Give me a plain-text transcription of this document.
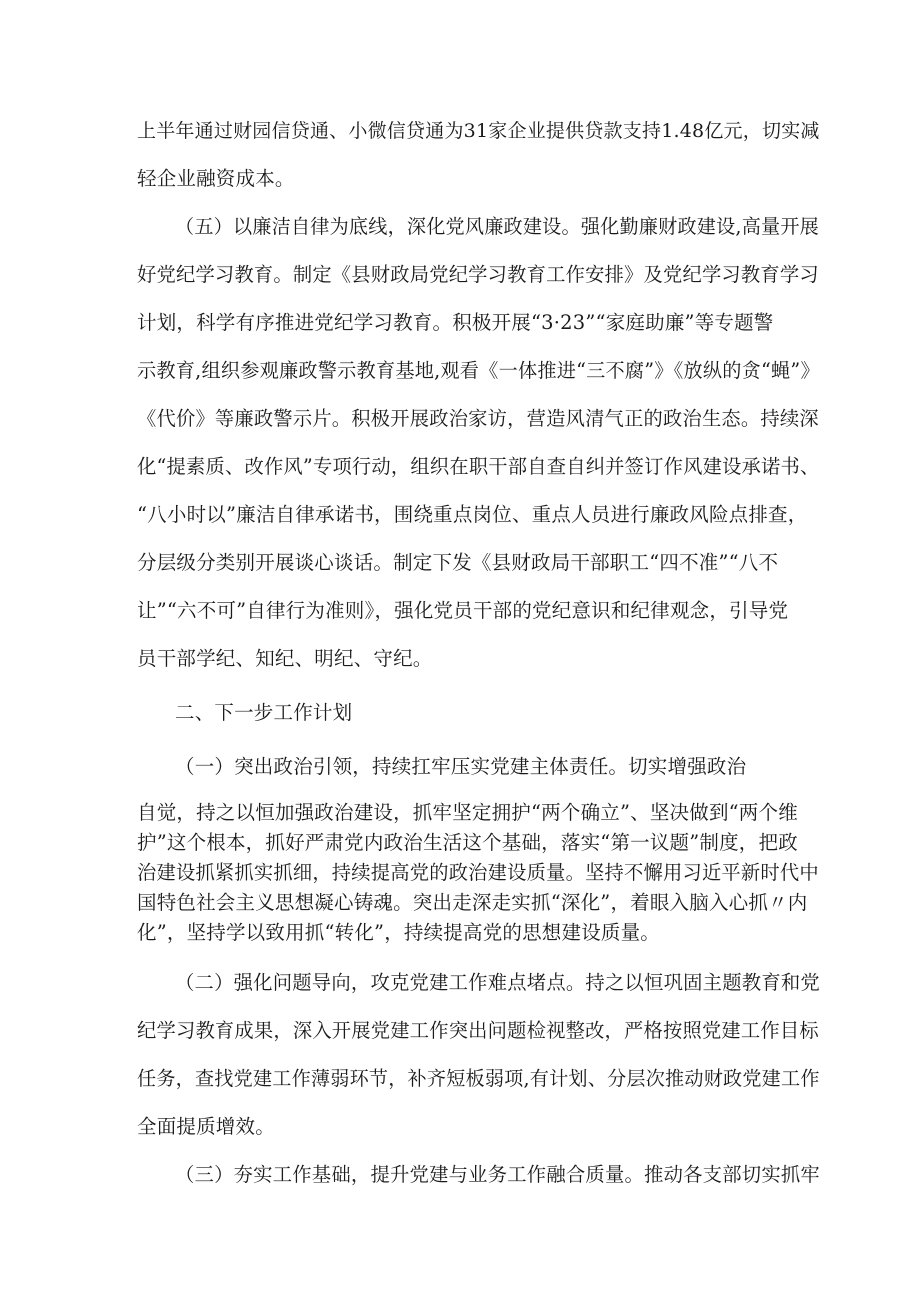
上半年通过财园信贷通、小微信贷通为31家企业提供贷款支持1.48亿元，切实减

轻企业融资成本。

（五）以廉洁自律为底线，深化党风廉政建设。强化勤廉财政建设,高量开展

好党纪学习教育。制定《县财政局党纪学习教育工作安排》及党纪学习教育学习

计划，科学有序推进党纪学习教育。积极开展“3·23”“家庭助廉”等专题警

示教育,组织参观廉政警示教育基地,观看《一体推进“三不腐”》《放纵的贪“蝇”》

《代价》等廉政警示片。积极开展政治家访，营造风清气正的政治生态。持续深

化“提素质、改作风”专项行动，组织在职干部自查自纠并签订作风建设承诺书、

“八小时以”廉洁自律承诺书，围绕重点岗位、重点人员进行廉政风险点排查，

分层级分类别开展谈心谈话。制定下发《县财政局干部职工“四不准”“八不

让”“六不可”自律行为准则》，强化党员干部的党纪意识和纪律观念，引导党

员干部学纪、知纪、明纪、守纪。

二、下一步工作计划

（一）突出政治引领，持续扛牢压实党建主体责任。切实增强政治

自觉，持之以恒加强政治建设，抓牢坚定拥护“两个确立”、坚决做到“两个维

护”这个根本，抓好严肃党内政治生活这个基础，落实“第一议题”制度，把政

治建设抓紧抓实抓细，持续提高党的政治建设质量。坚持不懈用习近平新时代中

国特色社会主义思想凝心铸魂。突出走深走实抓“深化”，着眼入脑入心抓〃内

化”，坚持学以致用抓“转化”，持续提高党的思想建设质量。

（二）强化问题导向，攻克党建工作难点堵点。持之以恒巩固主题教育和党

纪学习教育成果，深入开展党建工作突出问题检视整改，严格按照党建工作目标

任务，查找党建工作薄弱环节，补齐短板弱项,有计划、分层次推动财政党建工作

全面提质增效。

（三）夯实工作基础，提升党建与业务工作融合质量。推动各支部切实抓牢
